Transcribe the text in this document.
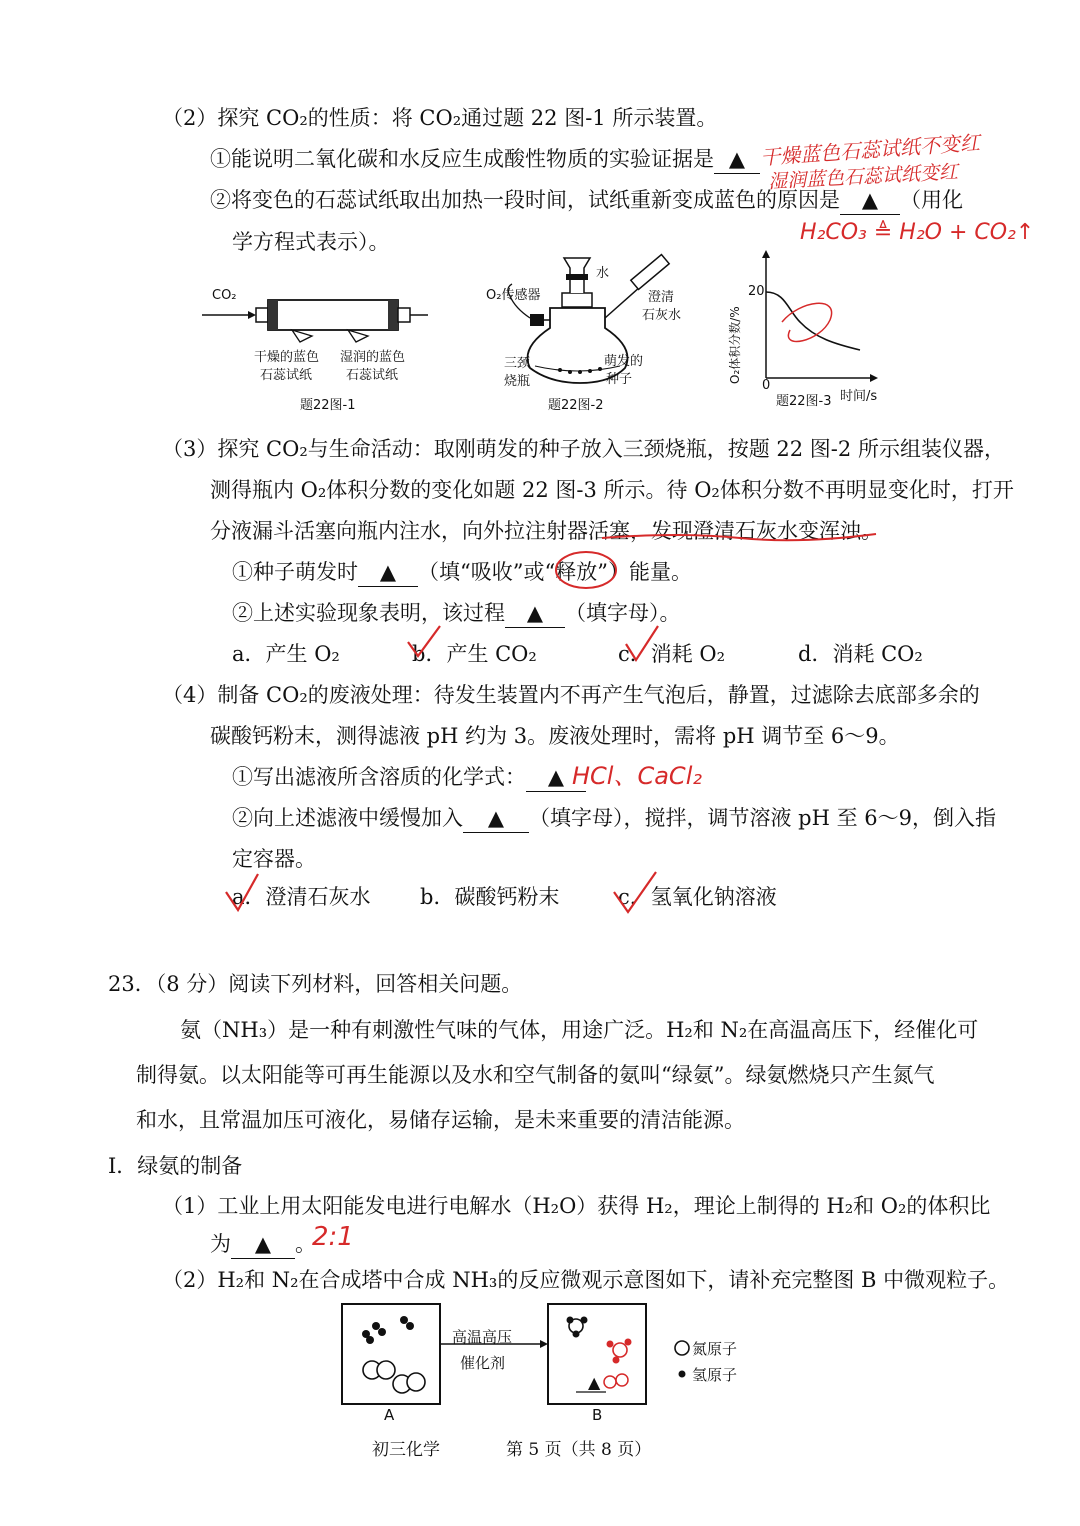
（2）探究 CO₂的性质：将 CO₂通过题 22 图-1 所示装置。
①能说明二氧化碳和水反应生成酸性物质的实验证据是 ▲ 干燥蓝色石蕊试纸不变红
湿润蓝色石蕊试纸变红
②将变色的石蕊试纸取出加热一段时间，试纸重新变成蓝色的原因是 ▲ （用化
学方程式表示）。	H₂CO₃ ≜ H₂O + CO₂↑
CO₂
干燥的蓝色
石蕊试纸
湿润的蓝色
石蕊试纸
题22图-1
O₂传感器
水
澄清
石灰水
三颈
烧瓶
萌发的
种子
题22图-2
O₂体积分数/%
20
0
题22图-3 时间/s
（3）探究 CO₂与生命活动：取刚萌发的种子放入三颈烧瓶，按题 22 图-2 所示组装仪器，
测得瓶内 O₂体积分数的变化如题 22 图-3 所示。待 O₂体积分数不再明显变化时，打开
分液漏斗活塞向瓶内注水，向外拉注射器活塞，发现澄清石灰水变浑浊。
①种子萌发时 ▲ （填“吸收”或“释放”）能量。
②上述实验现象表明，该过程 ▲ （填字母）。
a．产生 O₂	b．产生 CO₂	c．消耗 O₂	d．消耗 CO₂
（4）制备 CO₂的废液处理：待发生装置内不再产生气泡后，静置，过滤除去底部多余的
碳酸钙粉末，测得滤液 pH 约为 3。废液处理时，需将 pH 调节至 6～9。
①写出滤液所含溶质的化学式： ▲ HCl、CaCl₂
②向上述滤液中缓慢加入 ▲ （填字母），搅拌，调节溶液 pH 至 6～9，倒入指
定容器。
a．澄清石灰水 b．碳酸钙粉末	c．氢氧化钠溶液
23．（8 分）阅读下列材料，回答相关问题。
氨（NH₃）是一种有刺激性气味的气体，用途广泛。H₂和 N₂在高温高压下，经催化可
制得氨。以太阳能等可再生能源以及水和空气制备的氨叫“绿氨”。绿氨燃烧只产生氮气
和水，且常温加压可液化，易储存运输，是未来重要的清洁能源。
I．绿氨的制备
（1）工业上用太阳能发电进行电解水（H₂O）获得 H₂，理论上制得的 H₂和 O₂的体积比
为 ▲ 。
2:1
（2）H₂和 N₂在合成塔中合成 NH₃的反应微观示意图如下，请补充完整图 B 中微观粒子。
▲
高温高压
催化剂
A	B
氮原子
氢原子
初三化学	第 5 页（共 8 页）
